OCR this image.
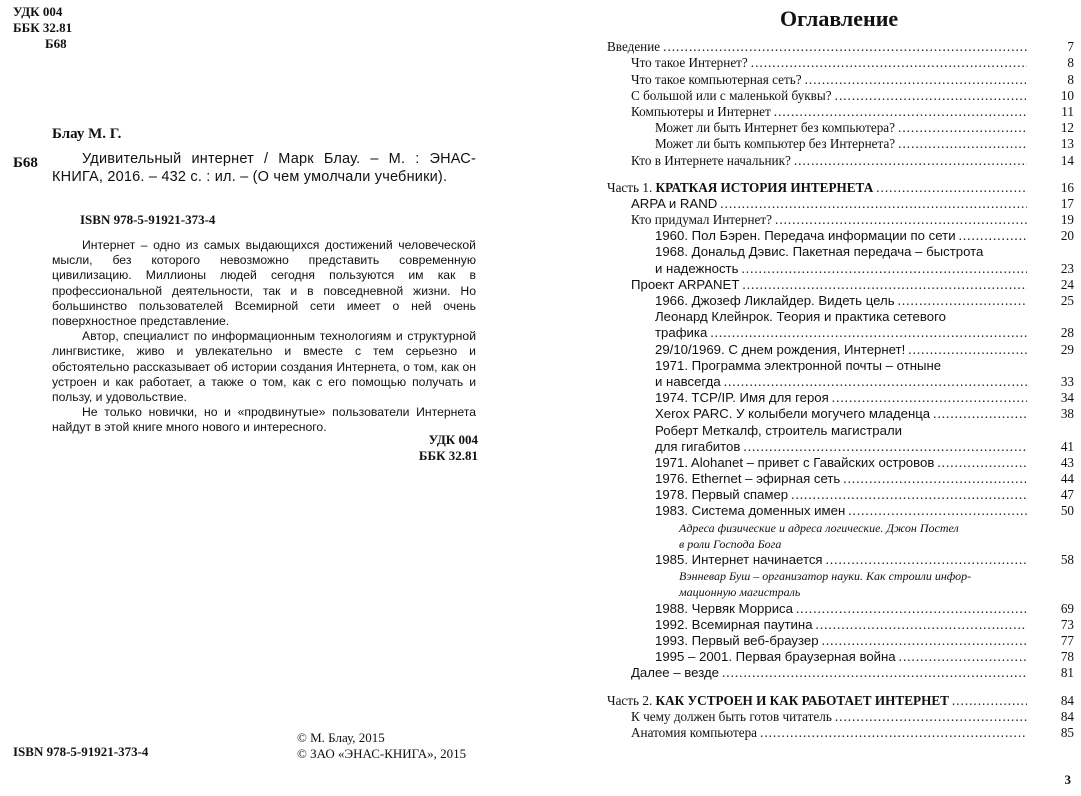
УДК 004
ББК 32.81
Б68
Блау М. Г.
Б68	Удивительный интернет / Марк Блау. – М. : ЭНАС-КНИГА, 2016. – 432 с. : ил. – (О чем умолчали учебники).
ISBN 978-5-91921-373-4

Интернет – одно из самых выдающихся достижений человеческой мысли, без которого невозможно представить современную цивилизацию. Миллионы людей сегодня пользуются им как в профессиональной деятельности, так и в повседневной жизни. Но большинство пользователей Всемирной сети имеет о ней очень поверхностное представление.

Автор, специалист по информационным технологиям и структурной лингвистике, живо и увлекательно и вместе с тем серьезно и обстоятельно рассказывает об истории создания Интернета, о том, как он устроен и как работает, а также о том, как с его помощью получать и пользу, и удовольствие.

Не только новички, но и «продвинутые» пользователи Интернета найдут в этой книге много нового и интересного.

УДК 004
ББК 32.81
ISBN 978-5-91921-373-4
© М. Блау, 2015
© ЗАО «ЭНАС-КНИГА», 2015
Оглавление
Введение .....	7
Что такое Интернет? .....	8
Что такое компьютерная сеть? .....	8
С большой или с маленькой буквы? .....	10
Компьютеры и Интернет .....	11
Может ли быть Интернет без компьютера? .....	12
Может ли быть компьютер без Интернета? .....	13
Кто в Интернете начальник? .....	14
Часть 1. КРАТКАЯ ИСТОРИЯ ИНТЕРНЕТА .....	16
ARPA и RAND .....	17
Кто придумал Интернет? .....	19
1960. Пол Бэрен. Передача информации по сети .....	20
1968. Дональд Дэвис. Пакетная передача – быстрота
и надежность .....	23
Проект ARPANET .....	24
1966. Джозеф Ликлайдер. Видеть цель .....	25
Леонард Клейнрок. Теория и практика сетевого
трафика .....	28
29/10/1969. С днем рождения, Интернет! .....	29
1971. Программа электронной почты – отныне
и навсегда .....	33
1974. TCP/IP. Имя для героя .....	34
Xerox PARC. У колыбели могучего младенца .....	38
Роберт Меткалф, строитель магистрали
для гигабитов .....	41
1971. Alohanet – привет с Гавайских островов .....	43
1976. Ethernet – эфирная сеть .....	44
1978. Первый спамер .....	47
1983. Система доменных имен .....	50
Адреса физические и адреса логические. Джон Постел
в роли Господа Бога
1985. Интернет начинается .....	58
Вэнневар Буш – организатор науки. Как строили инфор-
мационную магистраль
1988. Червяк Морриса .....	69
1992. Всемирная паутина .....	73
1993. Первый веб-браузер .....	77
1995 – 2001. Первая браузерная война .....	78
Далее – везде .....	81
Часть 2. КАК УСТРОЕН И КАК РАБОТАЕТ ИНТЕРНЕТ .....	84
К чему должен быть готов читатель .....	84
Анатомия компьютера .....	85
3
